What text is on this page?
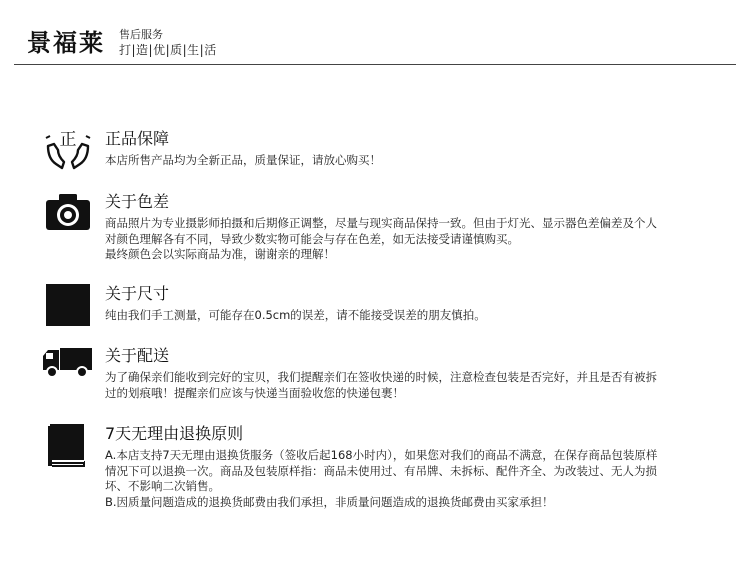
景福莱 售后服务
打|造|优|质|生|活
正 正品保障

本店所售产品均为全新正品，质量保证，请放心购买！

关于色差

商品照片为专业摄影师拍摄和后期修正调整，尽量与现实商品保持一致。但由于灯光、显示器色差偏差及个人

对颜色理解各有不同，导致少数实物可能会与存在色差，如无法接受请谨慎购买。

最终颜色会以实际商品为准，谢谢亲的理解！

关于尺寸

纯由我们手工测量，可能存在0.5cm的误差，请不能接受误差的朋友慎拍。

关于配送

为了确保亲们能收到完好的宝贝，我们提醒亲们在签收快递的时候，注意检查包装是否完好，并且是否有被拆

过的划痕哦！提醒亲们应该与快递当面验收您的快递包裹！

7天无理由退换原则

A.本店支持7天无理由退换货服务（签收后起168小时内），如果您对我们的商品不满意，在保存商品包装原样

情况下可以退换一次。商品及包装原样指：商品未使用过、有吊牌、未拆标、配件齐全、为改装过、无人为损

坏、不影响二次销售。

B.因质量问题造成的退换货邮费由我们承担，非质量问题造成的退换货邮费由买家承担！
